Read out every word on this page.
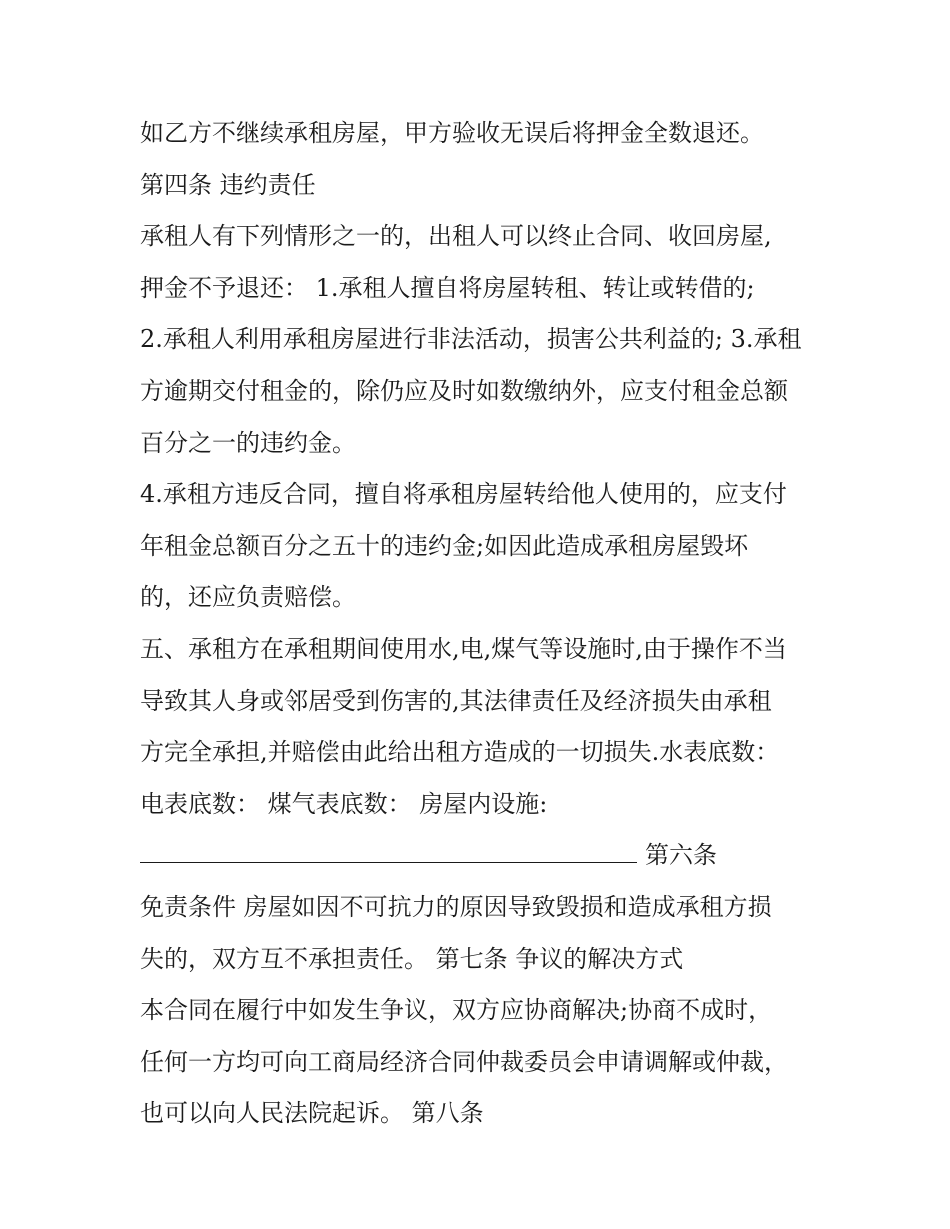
如乙方不继续承租房屋，甲方验收无误后将押金全数退还。
第四条 违约责任
承租人有下列情形之一的，出租人可以终止合同、收回房屋,
押金不予退还： 1.承租人擅自将房屋转租、转让或转借的;
2.承租人利用承租房屋进行非法活动，损害公共利益的; 3.承租
方逾期交付租金的，除仍应及时如数缴纳外，应支付租金总额
百分之一的违约金。
4.承租方违反合同，擅自将承租房屋转给他人使用的，应支付
年租金总额百分之五十的违约金;如因此造成承租房屋毁坏
的，还应负责赔偿。
五、承租方在承租期间使用水,电,煤气等设施时,由于操作不当
导致其人身或邻居受到伤害的,其法律责任及经济损失由承租
方完全承担,并赔偿由此给出租方造成的一切损失.水表底数：
电表底数： 煤气表底数： 房屋内设施:
第六条
免责条件 房屋如因不可抗力的原因导致毁损和造成承租方损
失的，双方互不承担责任。 第七条 争议的解决方式
本合同在履行中如发生争议，双方应协商解决;协商不成时，
任何一方均可向工商局经济合同仲裁委员会申请调解或仲裁，
也可以向人民法院起诉。 第八条
